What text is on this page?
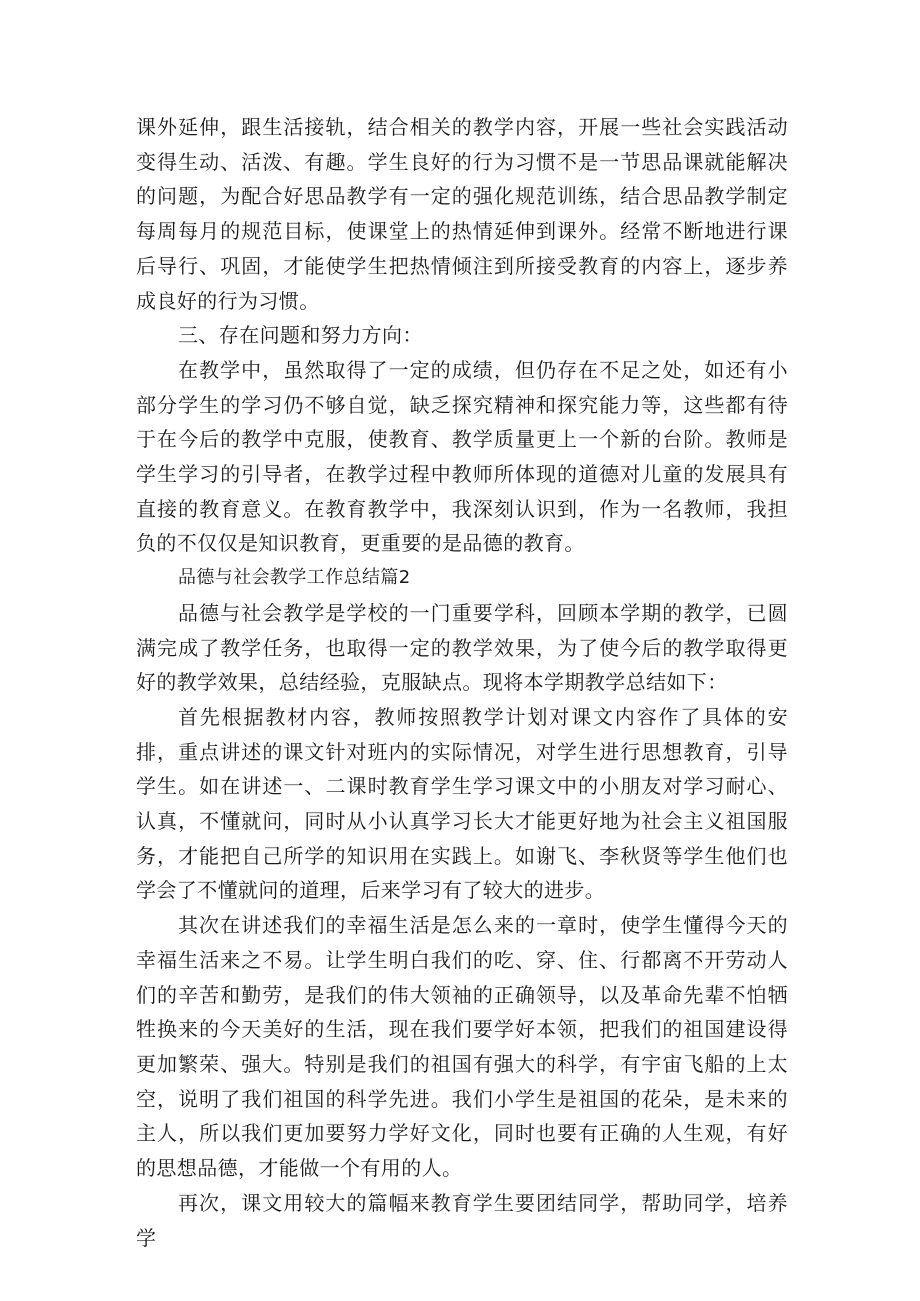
课外延伸，跟生活接轨，结合相关的教学内容，开展一些社会实践活动变得生动、活泼、有趣。学生良好的行为习惯不是一节思品课就能解决的问题，为配合好思品教学有一定的强化规范训练，结合思品教学制定每周每月的规范目标，使课堂上的热情延伸到课外。经常不断地进行课后导行、巩固，才能使学生把热情倾注到所接受教育的内容上，逐步养成良好的行为习惯。

三、存在问题和努力方向：

在教学中，虽然取得了一定的成绩，但仍存在不足之处，如还有小部分学生的学习仍不够自觉，缺乏探究精神和探究能力等，这些都有待于在今后的教学中克服，使教育、教学质量更上一个新的台阶。教师是学生学习的引导者，在教学过程中教师所体现的道德对儿童的发展具有直接的教育意义。在教育教学中，我深刻认识到，作为一名教师，我担负的不仅仅是知识教育，更重要的是品德的教育。

品德与社会教学工作总结篇2

品德与社会教学是学校的一门重要学科，回顾本学期的教学，已圆满完成了教学任务，也取得一定的教学效果，为了使今后的教学取得更好的教学效果，总结经验，克服缺点。现将本学期教学总结如下：

首先根据教材内容，教师按照教学计划对课文内容作了具体的安排，重点讲述的课文针对班内的实际情况，对学生进行思想教育，引导学生。如在讲述一、二课时教育学生学习课文中的小朋友对学习耐心、认真，不懂就问，同时从小认真学习长大才能更好地为社会主义祖国服务，才能把自己所学的知识用在实践上。如谢飞、李秋贤等学生他们也学会了不懂就问的道理，后来学习有了较大的进步。

其次在讲述我们的幸福生活是怎么来的一章时，使学生懂得今天的幸福生活来之不易。让学生明白我们的吃、穿、住、行都离不开劳动人们的辛苦和勤劳，是我们的伟大领袖的正确领导，以及革命先辈不怕牺牲换来的今天美好的生活，现在我们要学好本领，把我们的祖国建设得更加繁荣、强大。特别是我们的祖国有强大的科学，有宇宙飞船的上太空，说明了我们祖国的科学先进。我们小学生是祖国的花朵，是未来的主人，所以我们更加要努力学好文化，同时也要有正确的人生观，有好的思想品德，才能做一个有用的人。

再次，课文用较大的篇幅来教育学生要团结同学，帮助同学，培养学
